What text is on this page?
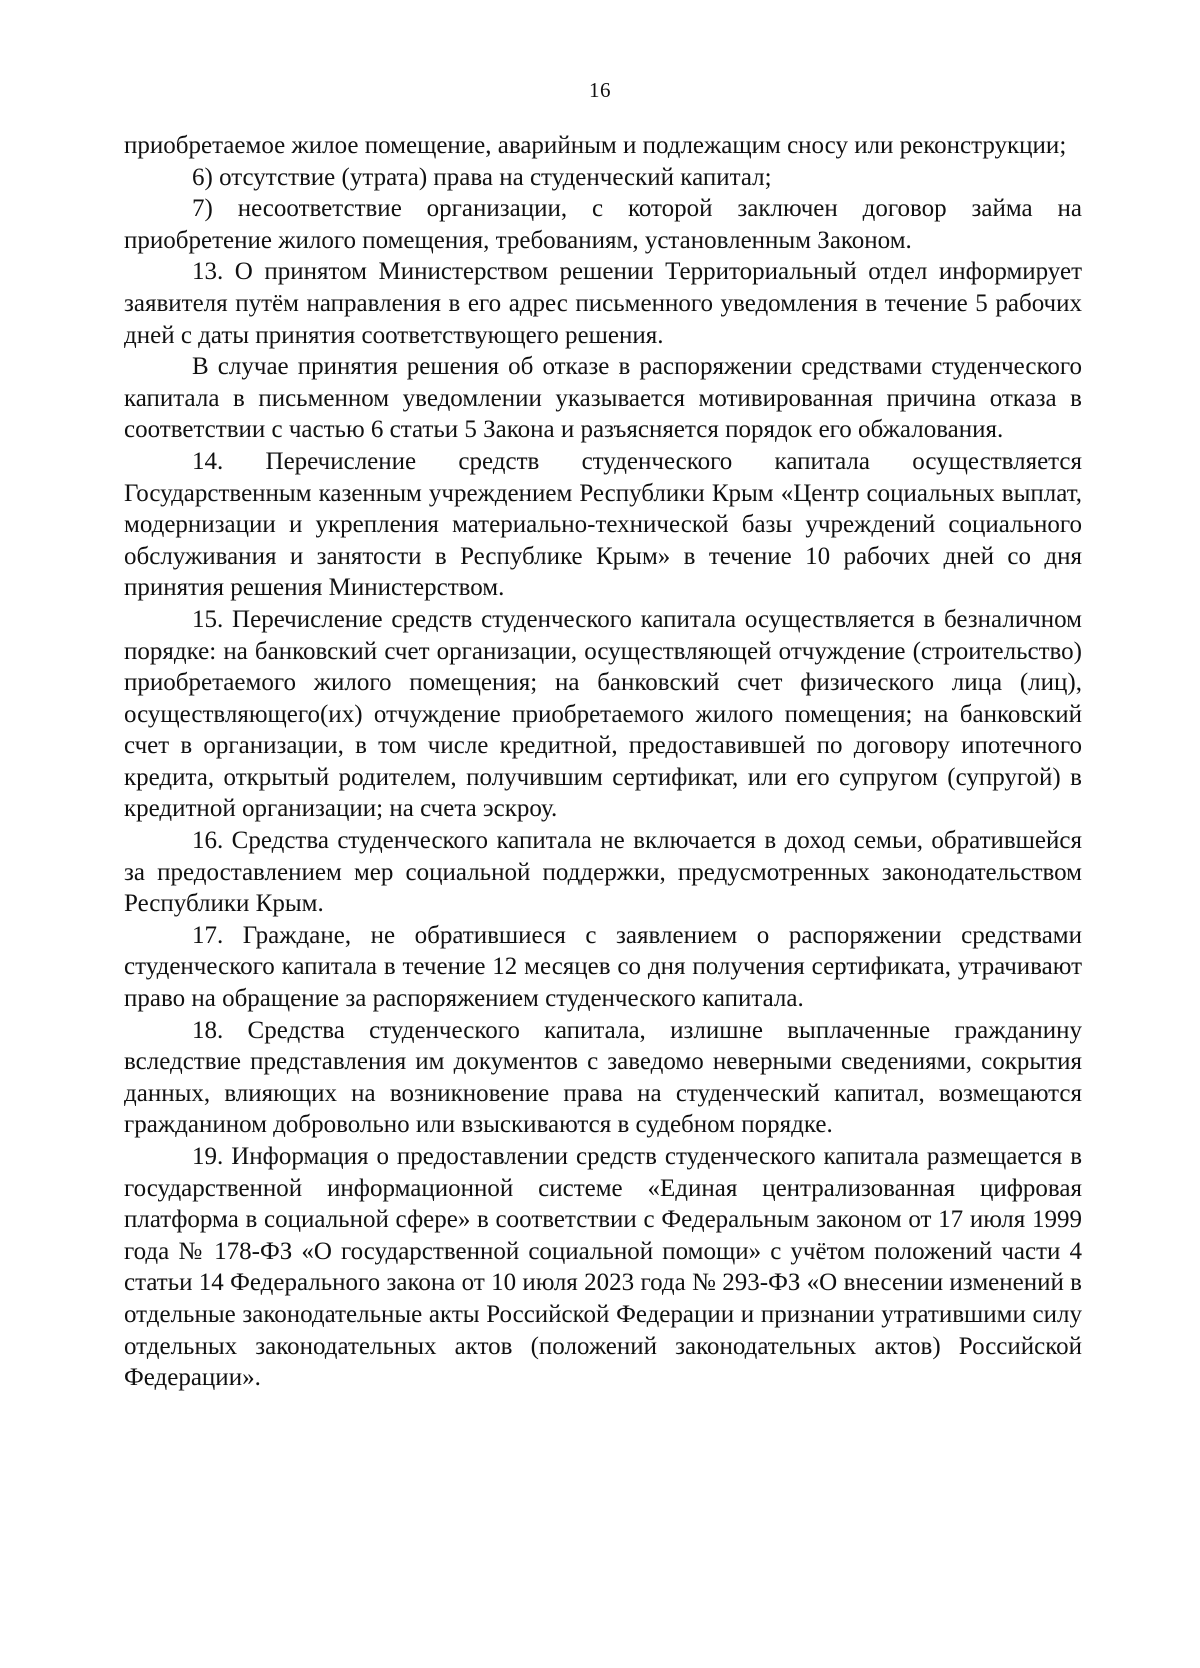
16

приобретаемое жилое помещение, аварийным и подлежащим сносу или реконструкции;

6) отсутствие (утрата) права на студенческий капитал;

7) несоответствие организации, с которой заключен договор займа на приобретение жилого помещения, требованиям, установленным Законом.

13. О принятом Министерством решении Территориальный отдел информирует заявителя путём направления в его адрес письменного уведомления в течение 5 рабочих дней с даты принятия соответствующего решения.

В случае принятия решения об отказе в распоряжении средствами студенческого капитала в письменном уведомлении указывается мотивированная причина отказа в соответствии с частью 6 статьи 5 Закона и разъясняется порядок его обжалования.

14. Перечисление средств студенческого капитала осуществляется Государственным казенным учреждением Республики Крым «Центр социальных выплат, модернизации и укрепления материально-технической базы учреждений социального обслуживания и занятости в Республике Крым» в течение 10 рабочих дней со дня принятия решения Министерством.

15. Перечисление средств студенческого капитала осуществляется в безналичном порядке: на банковский счет организации, осуществляющей отчуждение (строительство) приобретаемого жилого помещения; на банковский счет физического лица (лиц), осуществляющего(их) отчуждение приобретаемого жилого помещения; на банковский счет в организации, в том числе кредитной, предоставившей по договору ипотечного кредита, открытый родителем, получившим сертификат, или его супругом (супругой) в кредитной организации; на счета эскроу.

16. Средства студенческого капитала не включается в доход семьи, обратившейся за предоставлением мер социальной поддержки, предусмотренных законодательством Республики Крым.

17. Граждане, не обратившиеся с заявлением о распоряжении средствами студенческого капитала в течение 12 месяцев со дня получения сертификата, утрачивают право на обращение за распоряжением студенческого капитала.

18. Средства студенческого капитала, излишне выплаченные гражданину вследствие представления им документов с заведомо неверными сведениями, сокрытия данных, влияющих на возникновение права на студенческий капитал, возмещаются гражданином добровольно или взыскиваются в судебном порядке.

19. Информация о предоставлении средств студенческого капитала размещается в государственной информационной системе «Единая централизованная цифровая платформа в социальной сфере» в соответствии с Федеральным законом от 17 июля 1999 года № 178-ФЗ «О государственной социальной помощи» с учётом положений части 4 статьи 14 Федерального закона от 10 июля 2023 года № 293-ФЗ «О внесении изменений в отдельные законодательные акты Российской Федерации и признании утратившими силу отдельных законодательных актов (положений законодательных актов) Российской Федерации».
